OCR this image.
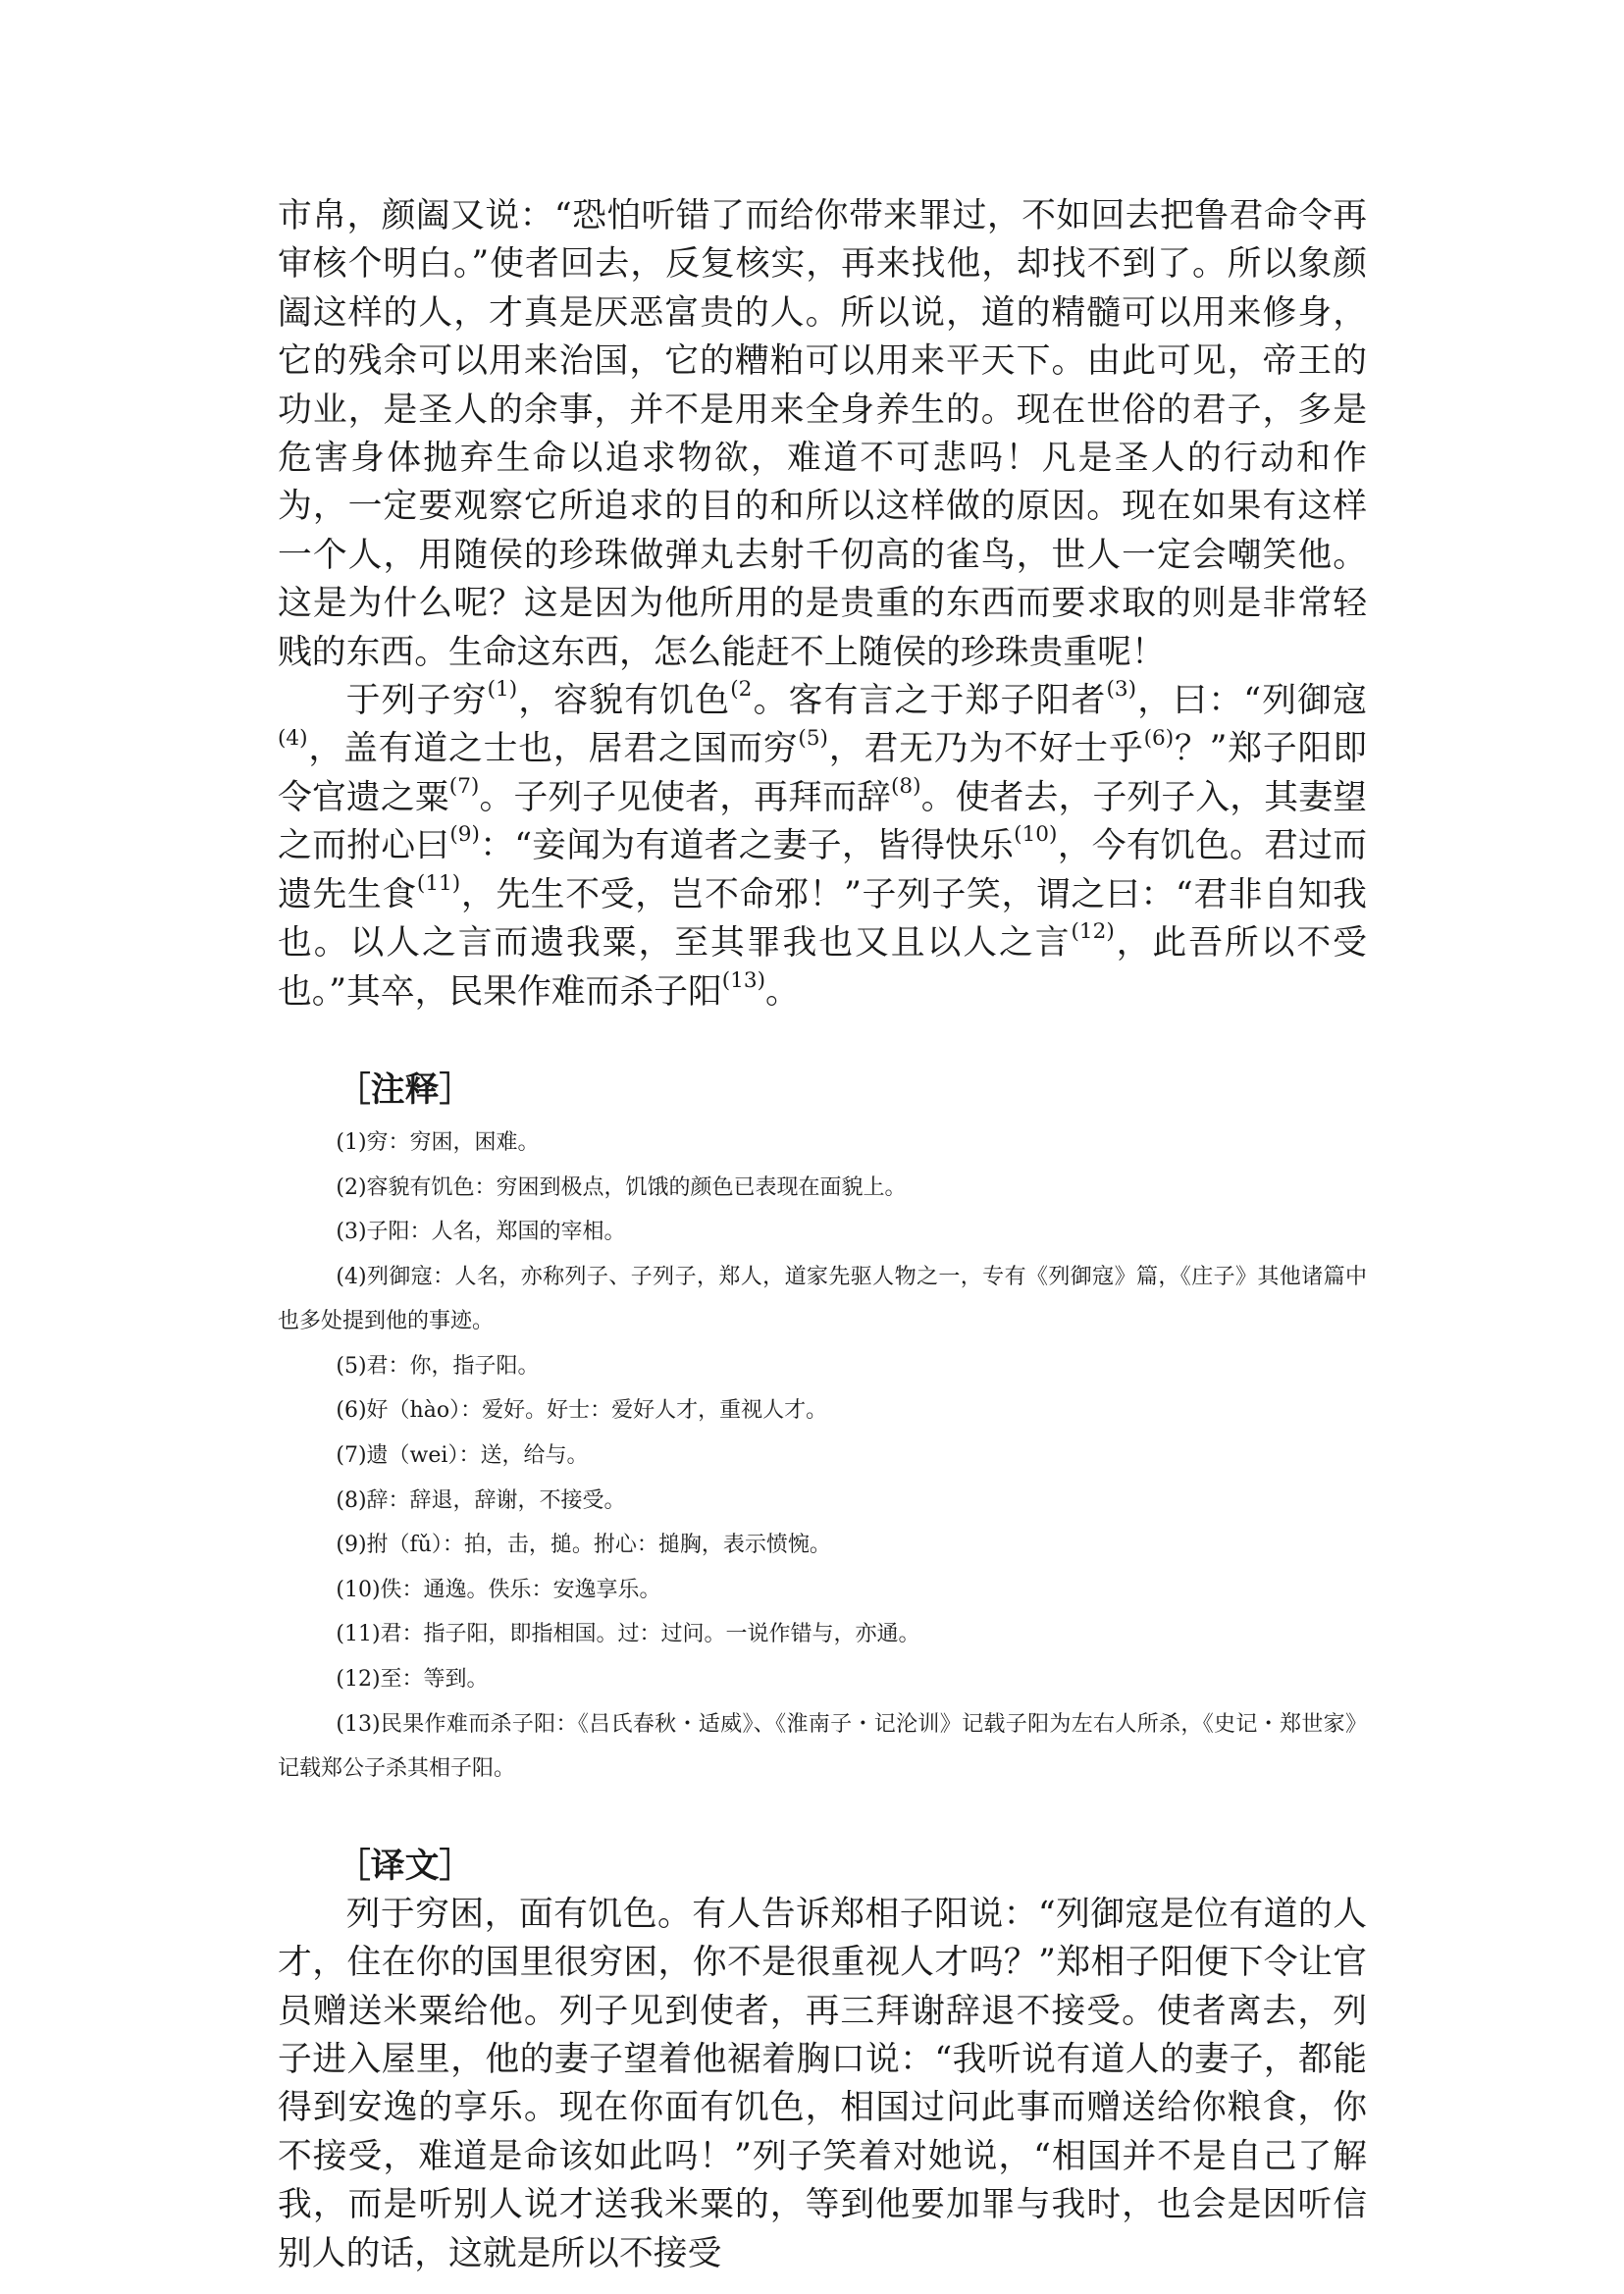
市帛，颜阖又说：“恐怕听错了而给你带来罪过，不如回去把鲁君命令再审核个明白。”使者回去，反复核实，再来找他，却找不到了。所以象颜阖这样的人，才真是厌恶富贵的人。所以说，道的精髓可以用来修身，它的残余可以用来治国，它的糟粕可以用来平天下。由此可见，帝王的功业，是圣人的余事，并不是用来全身养生的。现在世俗的君子，多是危害身体抛弃生命以追求物欲，难道不可悲吗！凡是圣人的行动和作为，一定要观察它所追求的目的和所以这样做的原因。现在如果有这样一个人，用随侯的珍珠做弹丸去射千仞高的雀鸟，世人一定会嘲笑他。这是为什么呢？这是因为他所用的是贵重的东西而要求取的则是非常轻贱的东西。生命这东西，怎么能赶不上随侯的珍珠贵重呢！

于列子穷$^{(1)}$，容貌有饥色$^{(2}$。客有言之于郑子阳者$^{(3)}$，曰：“列御寇$^{(4)}$，盖有道之士也，居君之国而穷$^{(5)}$，君无乃为不好士乎$^{(6)}$？”郑子阳即令官遗之粟$^{(7)}$。子列子见使者，再拜而辞$^{(8)}$。使者去，子列子入，其妻望之而拊心曰$^{(9)}$：“妾闻为有道者之妻子，皆得快乐$^{(10)}$，今有饥色。君过而遗先生食$^{(11)}$，先生不受，岂不命邪！”子列子笑，谓之曰：“君非自知我也。以人之言而遗我粟，至其罪我也又且以人之言$^{(12)}$，此吾所以不受也。”其卒，民果作难而杀子阳$^{(13)}$。

［注释］

(1)穷：穷困，困难。

(2)容貌有饥色：穷困到极点，饥饿的颜色已表现在面貌上。

(3)子阳：人名，郑国的宰相。

(4)列御寇：人名，亦称列子、子列子，郑人，道家先驱人物之一，专有《列御寇》篇，《庄子》其他诸篇中也多处提到他的事迹。

(5)君：你，指子阳。

(6)好（hào）：爱好。好士：爱好人才，重视人才。

(7)遗（wei）：送，给与。

(8)辞：辞退，辞谢，不接受。

(9)拊（fǔ）：拍，击，搥。拊心：搥胸，表示愤惋。

(10)佚：通逸。佚乐：安逸享乐。

(11)君：指子阳，即指相国。过：过问。一说作错与，亦通。

(12)至：等到。

(13)民果作难而杀子阳：《吕氏春秋・适威》、《淮南子・记沦训》记载子阳为左右人所杀，《史记・郑世家》记载郑公子杀其相子阳。

［译文］

列于穷困，面有饥色。有人告诉郑相子阳说：“列御寇是位有道的人才，住在你的国里很穷困，你不是很重视人才吗？”郑相子阳便下令让官员赠送米粟给他。列子见到使者，再三拜谢辞退不接受。使者离去，列子进入屋里，他的妻子望着他裾着胸口说：“我听说有道人的妻子，都能得到安逸的享乐。现在你面有饥色，相国过问此事而赠送给你粮食，你不接受，难道是命该如此吗！”列子笑着对她说，“相国并不是自己了解我，而是听别人说才送我米粟的，等到他要加罪与我时，也会是因听信别人的话，这就是所以不接受
